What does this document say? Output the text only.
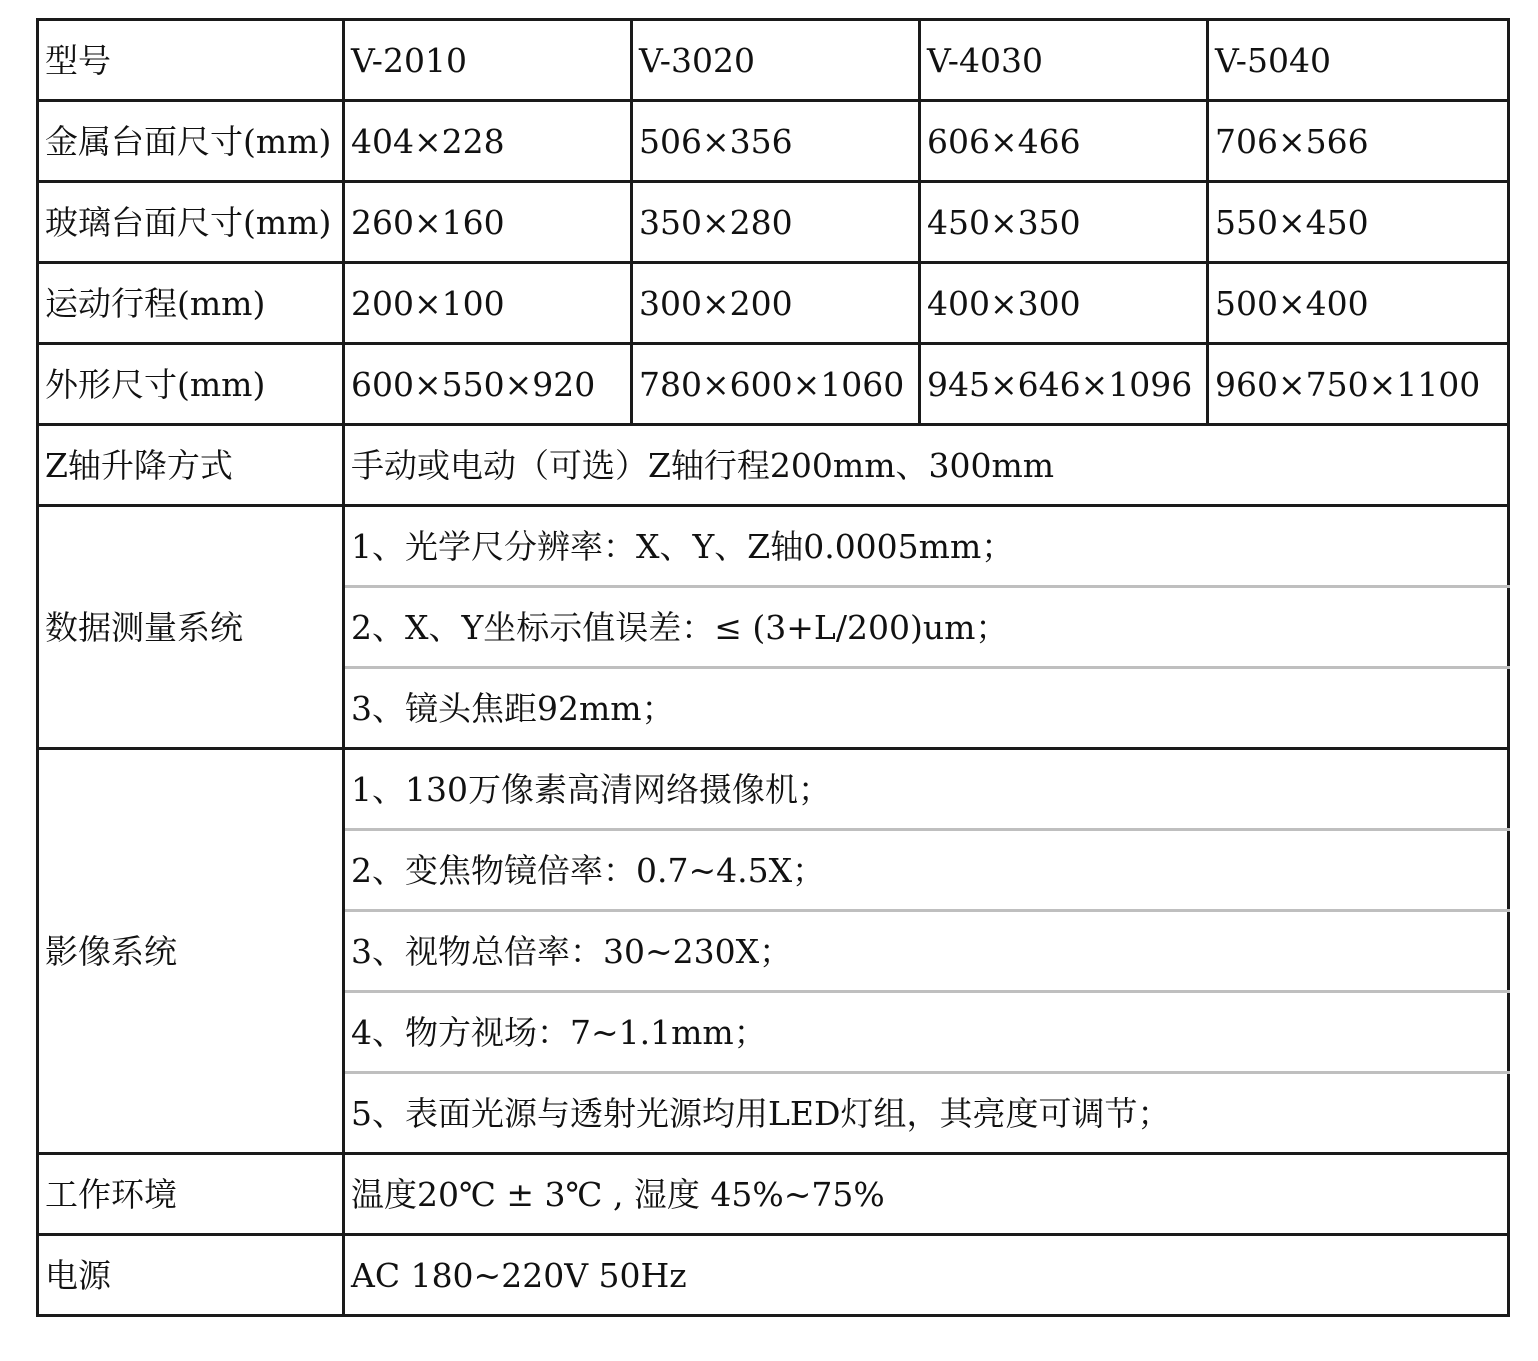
型号	V-2010	V-3020	V-4030	V-5040
金属台面尺寸(mm)	404×228	506×356	606×466	706×566
玻璃台面尺寸(mm)	260×160	350×280	450×350	550×450
运动行程(mm)	200×100	300×200	400×300	500×400
外形尺寸(mm)	600×550×920	780×600×1060	945×646×1096	960×750×1100
Z轴升降方式	手动或电动（可选）Z轴行程200mm、300mm			
数据测量系统	1、光学尺分辨率：X、Y、Z轴0.0005mm；			
	2、X、Y坐标示值误差：≤ (3+L/200)um；			
	3、镜头焦距92mm；			
影像系统	1、130万像素高清网络摄像机；			
	2、变焦物镜倍率：0.7~4.5X；			
	3、视物总倍率：30~230X；			
	4、物方视场：7~1.1mm；			
	5、表面光源与透射光源均用LED灯组，其亮度可调节；			
工作环境	温度20℃ ± 3℃ , 湿度 45%~75%			
电源	AC 180~220V 50Hz			
